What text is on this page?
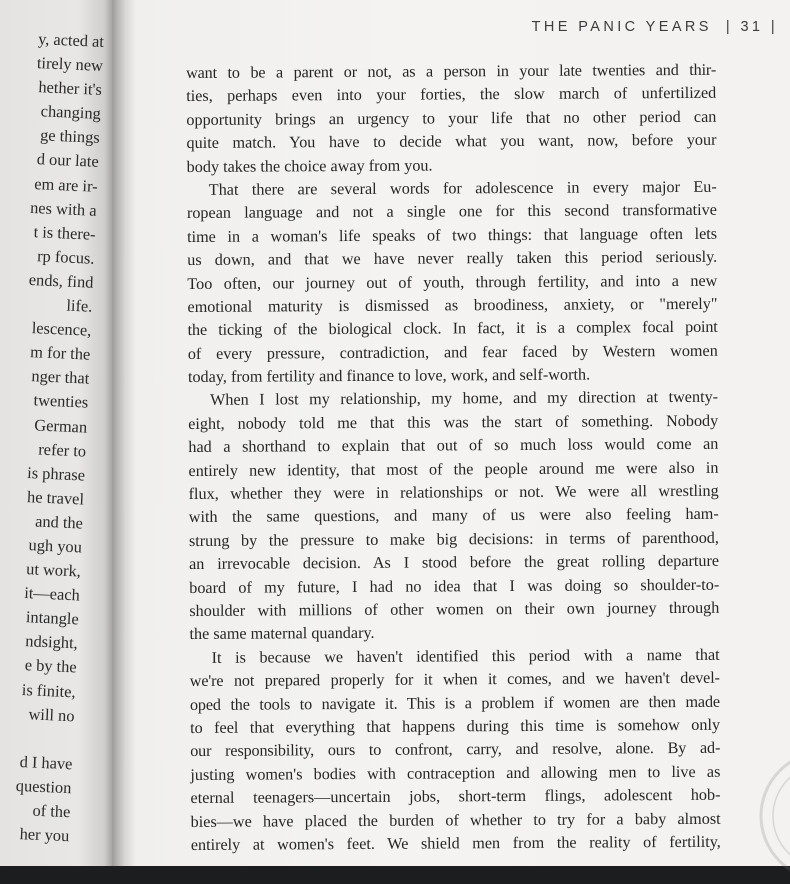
y, acted at
tirely new
hether it's
changing
ge things
d our late
em are ir-
nes with a
t is there-
rp focus.
ends, find
life.
lescence,
m for the
nger that
twenties
German
refer to
is phrase
he travel
and the
ugh you
ut work,
it—each
intangle
ndsight,
e by the
is finite,
will no
d I have
question
of the
her you
THE PANIC YEARS | 31 |
want to be a parent or not, as a person in your late twenties and thir-
ties, perhaps even into your forties, the slow march of unfertilized
opportunity brings an urgency to your life that no other period can
quite match. You have to decide what you want, now, before your
body takes the choice away from you.
That there are several words for adolescence in every major Eu-
ropean language and not a single one for this second transformative
time in a woman's life speaks of two things: that language often lets
us down, and that we have never really taken this period seriously.
Too often, our journey out of youth, through fertility, and into a new
emotional maturity is dismissed as broodiness, anxiety, or "merely"
the ticking of the biological clock. In fact, it is a complex focal point
of every pressure, contradiction, and fear faced by Western women
today, from fertility and finance to love, work, and self-worth.
When I lost my relationship, my home, and my direction at twenty-
eight, nobody told me that this was the start of something. Nobody
had a shorthand to explain that out of so much loss would come an
entirely new identity, that most of the people around me were also in
flux, whether they were in relationships or not. We were all wrestling
with the same questions, and many of us were also feeling ham-
strung by the pressure to make big decisions: in terms of parenthood,
an irrevocable decision. As I stood before the great rolling departure
board of my future, I had no idea that I was doing so shoulder-to-
shoulder with millions of other women on their own journey through
the same maternal quandary.
It is because we haven't identified this period with a name that
we're not prepared properly for it when it comes, and we haven't devel-
oped the tools to navigate it. This is a problem if women are then made
to feel that everything that happens during this time is somehow only
our responsibility, ours to confront, carry, and resolve, alone. By ad-
justing women's bodies with contraception and allowing men to live as
eternal teenagers—uncertain jobs, short-term flings, adolescent hob-
bies—we have placed the burden of whether to try for a baby almost
entirely at women's feet. We shield men from the reality of fertility,
